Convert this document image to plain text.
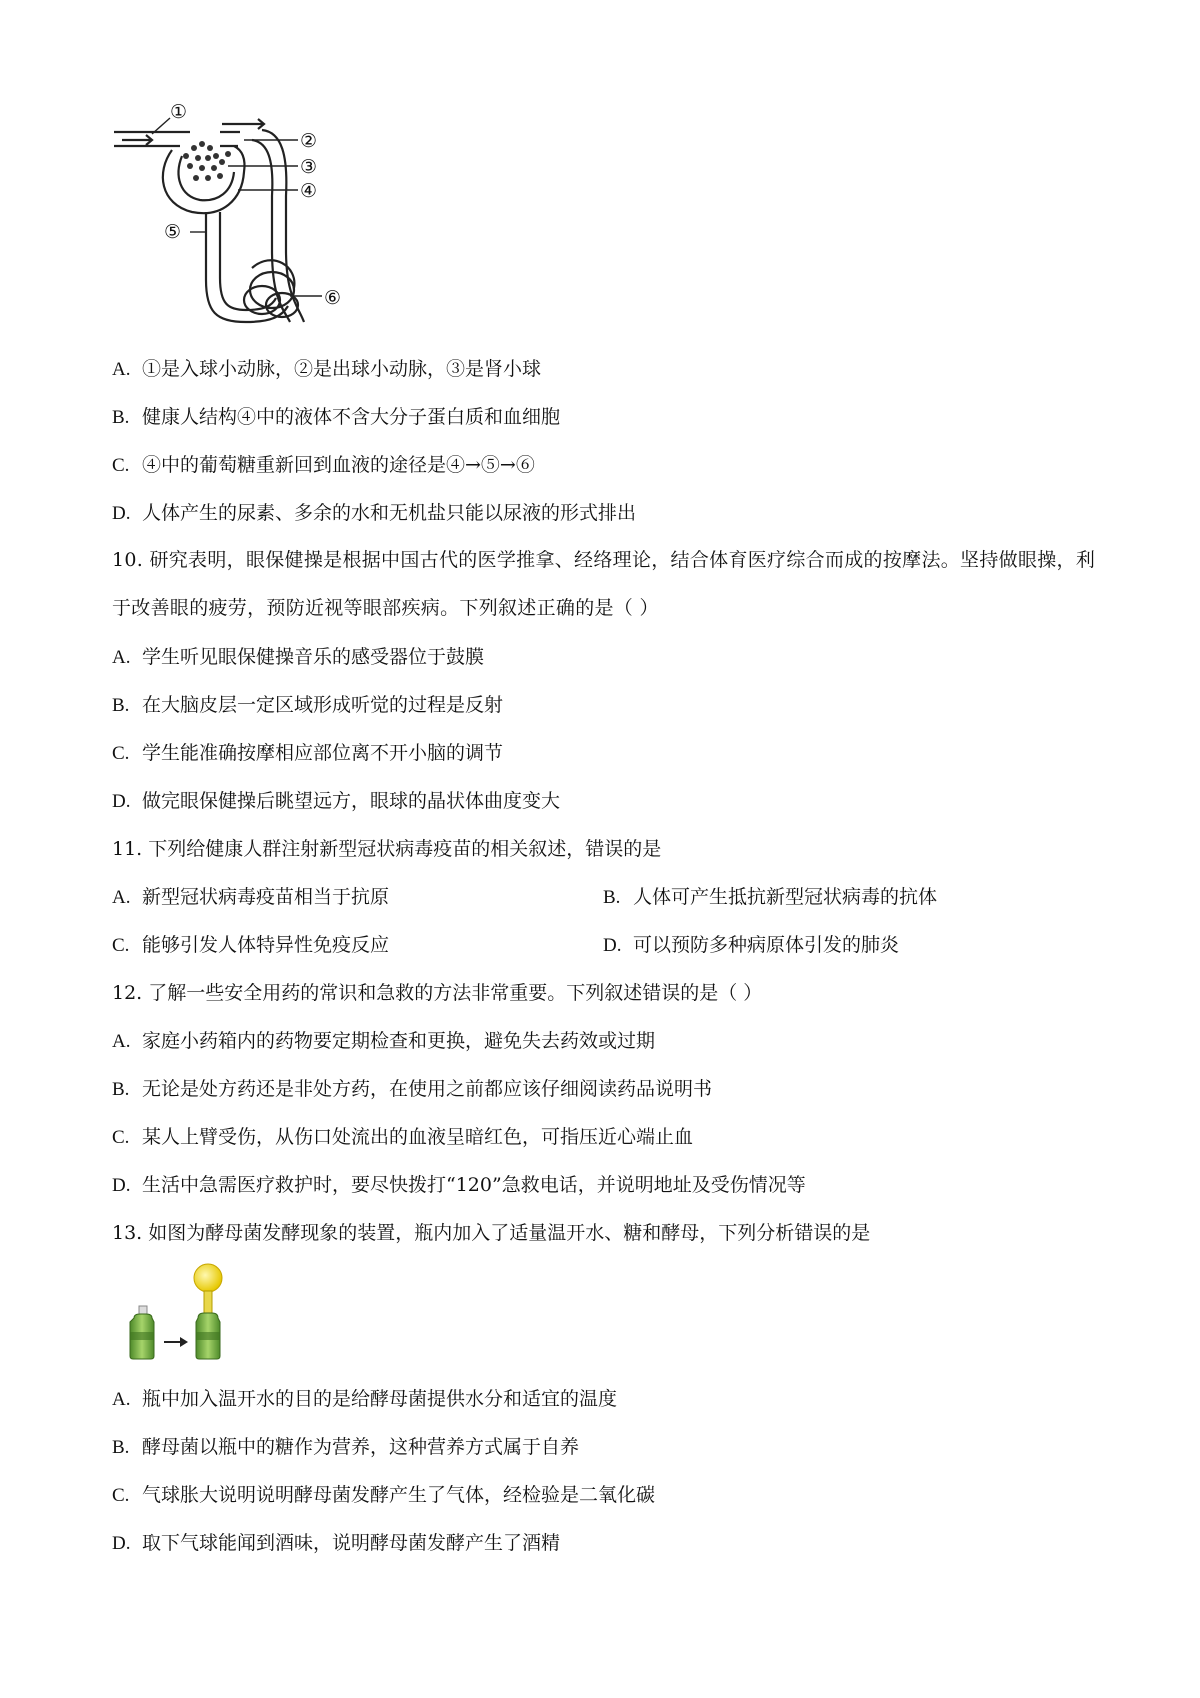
①
②
③
④
⑤
⑥
A. ①是入球小动脉，②是出球小动脉，③是肾小球
B. 健康人结构④中的液体不含大分子蛋白质和血细胞
C. ④中的葡萄糖重新回到血液的途径是④→⑤→⑥
D. 人体产生的尿素、多余的水和无机盐只能以尿液的形式排出
10. 研究表明，眼保健操是根据中国古代的医学推拿、经络理论，结合体育医疗综合而成的按摩法。坚持做眼操，利于改善眼的疲劳，预防近视等眼部疾病。下列叙述正确的是（ ）
A. 学生听见眼保健操音乐的感受器位于鼓膜
B. 在大脑皮层一定区域形成听觉的过程是反射
C. 学生能准确按摩相应部位离不开小脑的调节
D. 做完眼保健操后眺望远方，眼球的晶状体曲度变大
11. 下列给健康人群注射新型冠状病毒疫苗的相关叙述，错误的是
A. 新型冠状病毒疫苗相当于抗原	B. 人体可产生抵抗新型冠状病毒的抗体
C. 能够引发人体特异性免疫反应	D. 可以预防多种病原体引发的肺炎
12. 了解一些安全用药的常识和急救的方法非常重要。下列叙述错误的是（ ）
A. 家庭小药箱内的药物要定期检查和更换，避免失去药效或过期
B. 无论是处方药还是非处方药，在使用之前都应该仔细阅读药品说明书
C. 某人上臂受伤，从伤口处流出的血液呈暗红色，可指压近心端止血
D. 生活中急需医疗救护时，要尽快拨打“120”急救电话，并说明地址及受伤情况等
13. 如图为酵母菌发酵现象的装置，瓶内加入了适量温开水、糖和酵母，下列分析错误的是
A. 瓶中加入温开水的目的是给酵母菌提供水分和适宜的温度
B. 酵母菌以瓶中的糖作为营养，这种营养方式属于自养
C. 气球胀大说明说明酵母菌发酵产生了气体，经检验是二氧化碳
D. 取下气球能闻到酒味，说明酵母菌发酵产生了酒精
